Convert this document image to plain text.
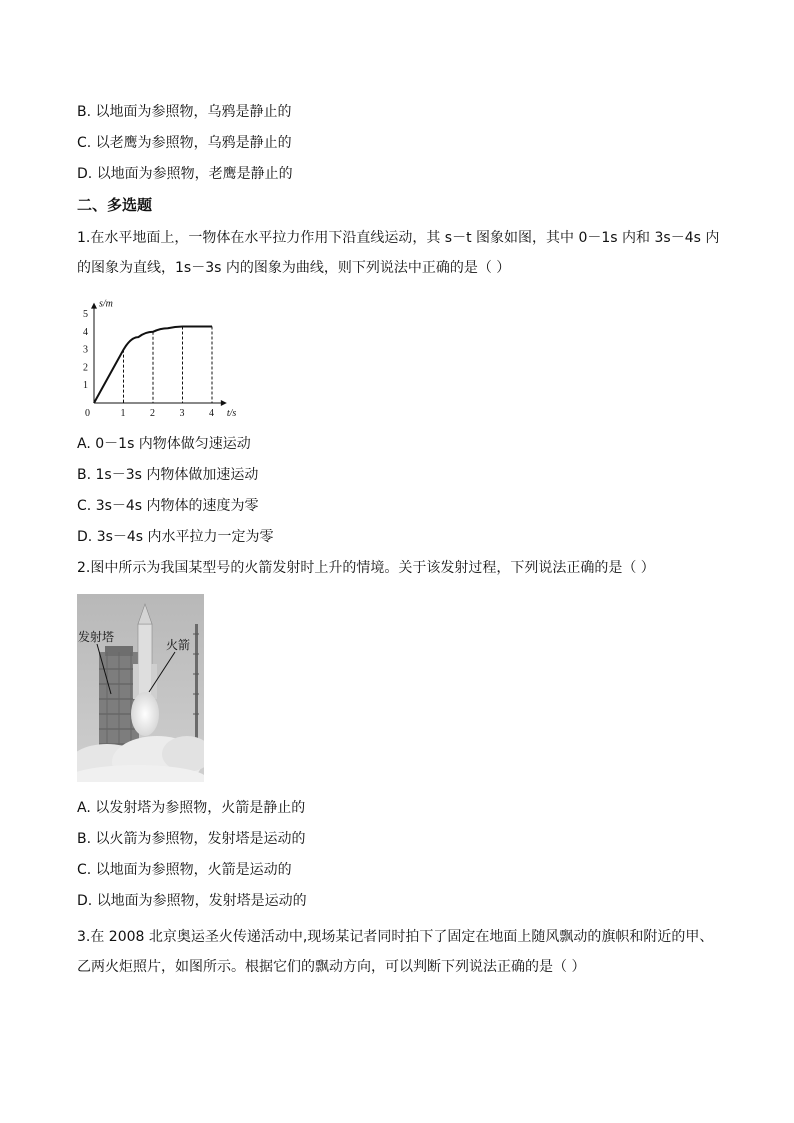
B. 以地面为参照物，乌鸦是静止的
C. 以老鹰为参照物，乌鸦是静止的
D. 以地面为参照物，老鹰是静止的
二、多选题
1.在水平地面上，一物体在水平拉力作用下沿直线运动，其 s－t 图象如图，其中 0－1s 内和 3s－4s 内的图象为直线，1s－3s 内的图象为曲线，则下列说法中正确的是（ ）
0	1 2 3 4
1
2
3
4
5
s/m
t/s
A. 0－1s 内物体做匀速运动
B. 1s－3s 内物体做加速运动
C. 3s－4s 内物体的速度为零
D. 3s－4s 内水平拉力一定为零
2.图中所示为我国某型号的火箭发射时上升的情境。关于该发射过程，下列说法正确的是（ ）
发射塔
火箭
A. 以发射塔为参照物，火箭是静止的
B. 以火箭为参照物，发射塔是运动的
C. 以地面为参照物，火箭是运动的
D. 以地面为参照物，发射塔是运动的
3.在 2008 北京奥运圣火传递活动中,现场某记者同时拍下了固定在地面上随风飘动的旗帜和附近的甲、乙两火炬照片，如图所示。根据它们的飘动方向，可以判断下列说法正确的是（ ）
